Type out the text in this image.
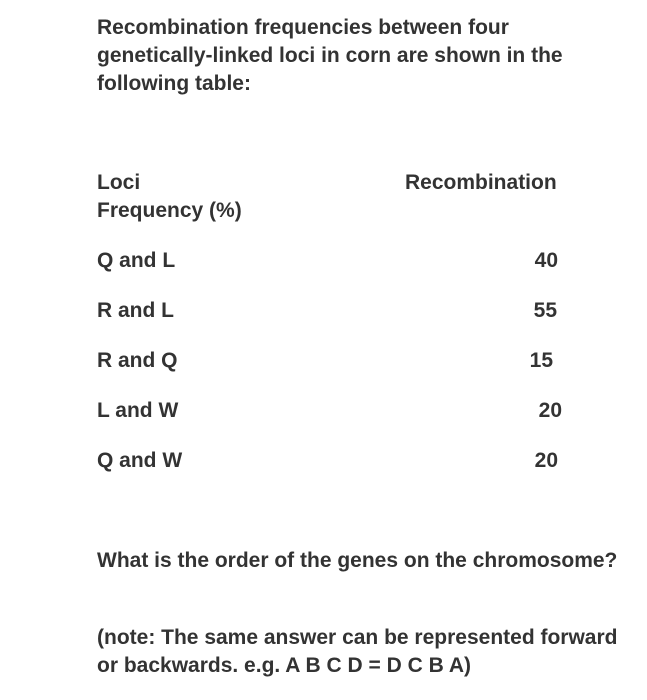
Recombination frequencies between four genetically-linked loci in corn are shown in the following table:
Loci	Recombination
Frequency (%)
Q and L	40
R and L	55
R and Q	15
L and W	20
Q and W	20
What is the order of the genes on the chromosome?
(note: The same answer can be represented forward or backwards. e.g. A B C D = D C B A)
